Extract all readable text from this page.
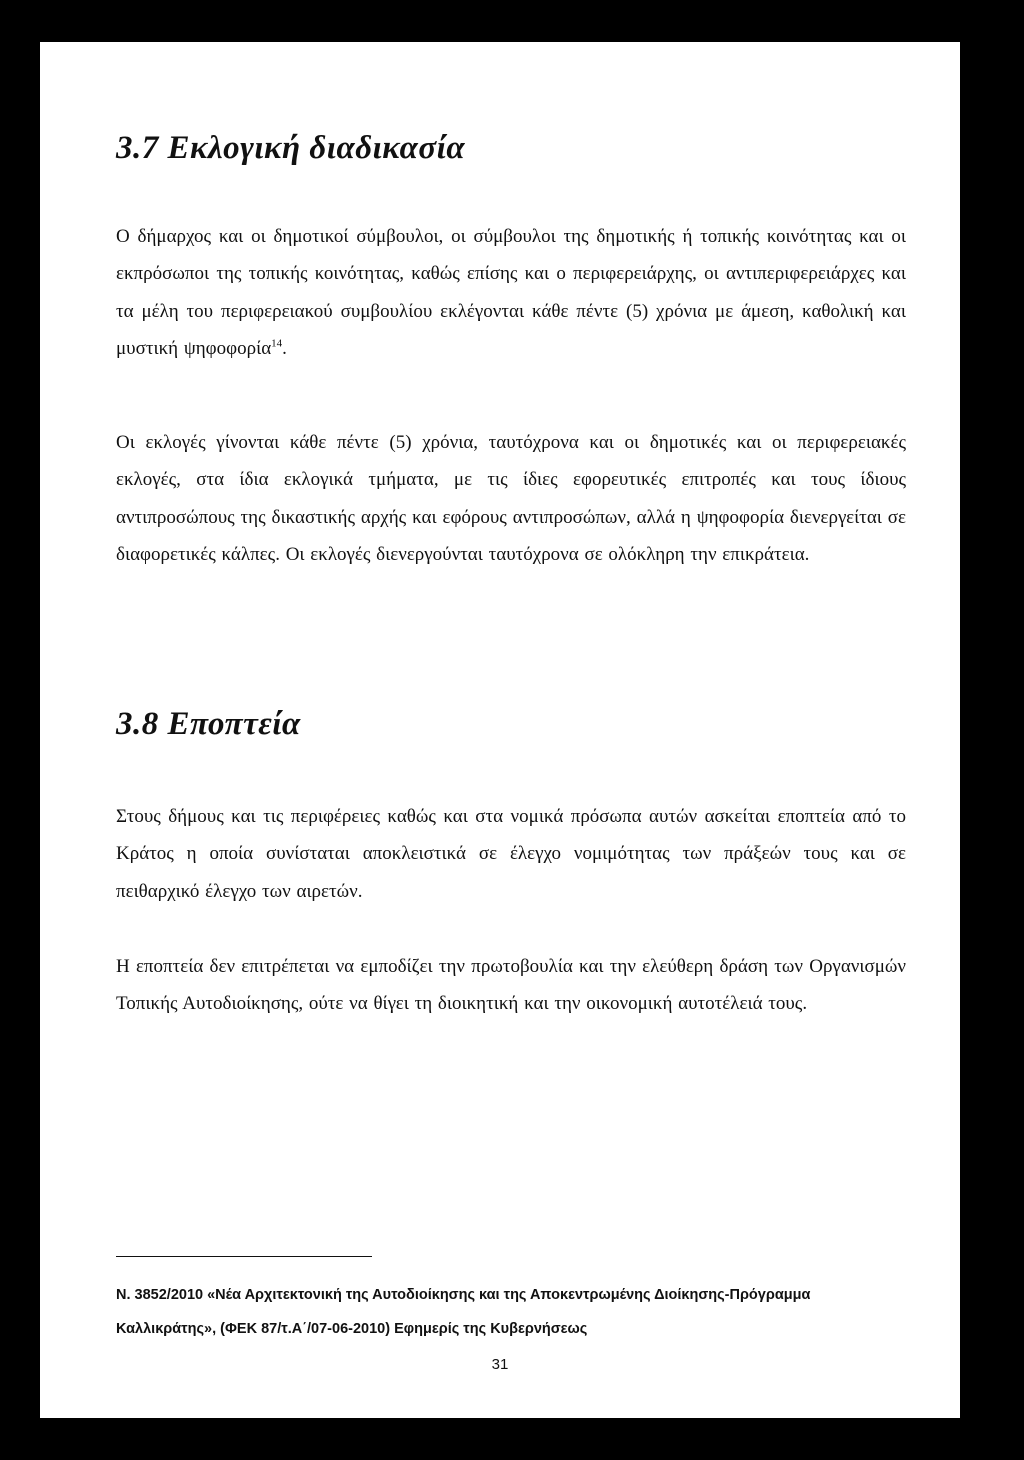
3.7 Εκλογική διαδικασία

Ο δήμαρχος και οι δημοτικοί σύμβουλοι, οι σύμβουλοι της δημοτικής ή τοπικής κοινότητας και οι εκπρόσωποι της τοπικής κοινότητας, καθώς επίσης και ο περιφερειάρχης, οι αντιπεριφερειάρχες και τα μέλη του περιφερειακού συμβουλίου εκλέγονται κάθε πέντε (5) χρόνια με άμεση, καθολική και μυστική ψηφοφορία$^{14}$.

Οι εκλογές γίνονται κάθε πέντε (5) χρόνια, ταυτόχρονα και οι δημοτικές και οι περιφερειακές εκλογές, στα ίδια εκλογικά τμήματα, με τις ίδιες εφορευτικές επιτροπές και τους ίδιους αντιπροσώπους της δικαστικής αρχής και εφόρους αντιπροσώπων, αλλά η ψηφοφορία διενεργείται σε διαφορετικές κάλπες. Οι εκλογές διενεργούνται ταυτόχρονα σε ολόκληρη την επικράτεια.

3.8 Εποπτεία

Στους δήμους και τις περιφέρειες καθώς και στα νομικά πρόσωπα αυτών ασκείται εποπτεία από το Κράτος η οποία συνίσταται αποκλειστικά σε έλεγχο νομιμότητας των πράξεών τους και σε πειθαρχικό έλεγχο των αιρετών.

Η εποπτεία δεν επιτρέπεται να εμποδίζει την πρωτοβουλία και την ελεύθερη δράση των Οργανισμών Τοπικής Αυτοδιοίκησης, ούτε να θίγει τη διοικητική και την οικονομική αυτοτέλειά τους.

Ν. 3852/2010 «Νέα Αρχιτεκτονική της Αυτοδιοίκησης και της Αποκεντρωμένης Διοίκησης-Πρόγραμμα Καλλικράτης», (ΦΕΚ 87/τ.Α΄/07-06-2010) Εφημερίς της Κυβερνήσεως

31
